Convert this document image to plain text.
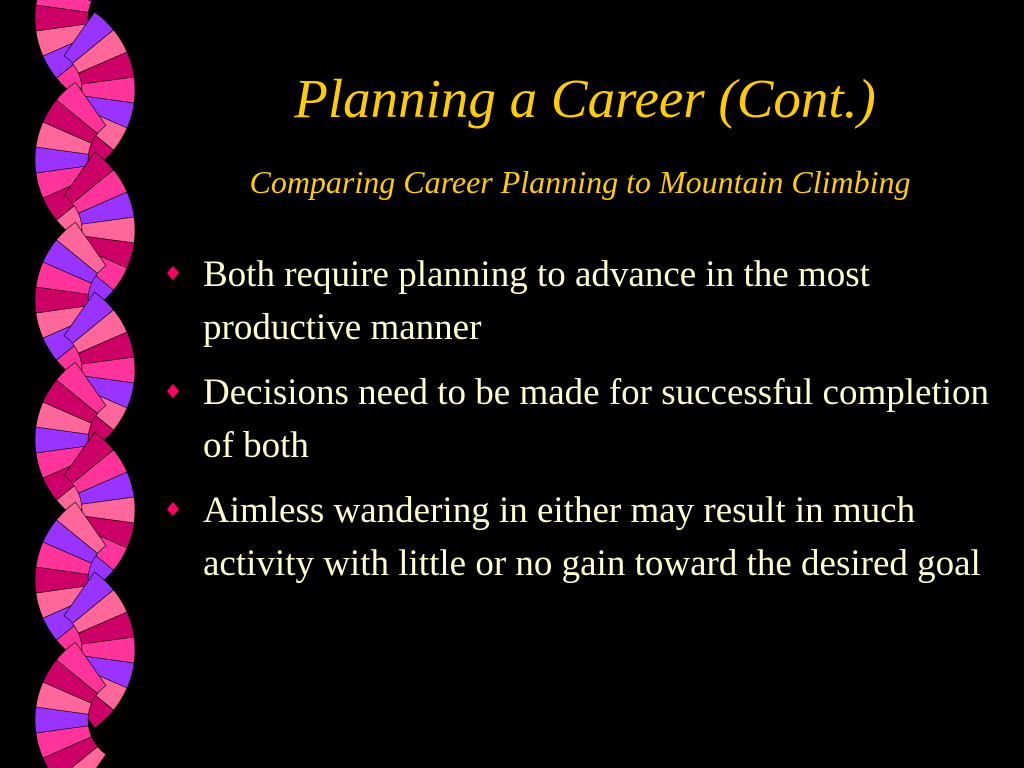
Planning a Career (Cont.)
Comparing Career Planning to Mountain Climbing
Both require planning to advance in the most productive manner
Decisions need to be made for successful completion of both
Aimless wandering in either may result in much activity with little or no gain toward the desired goal
